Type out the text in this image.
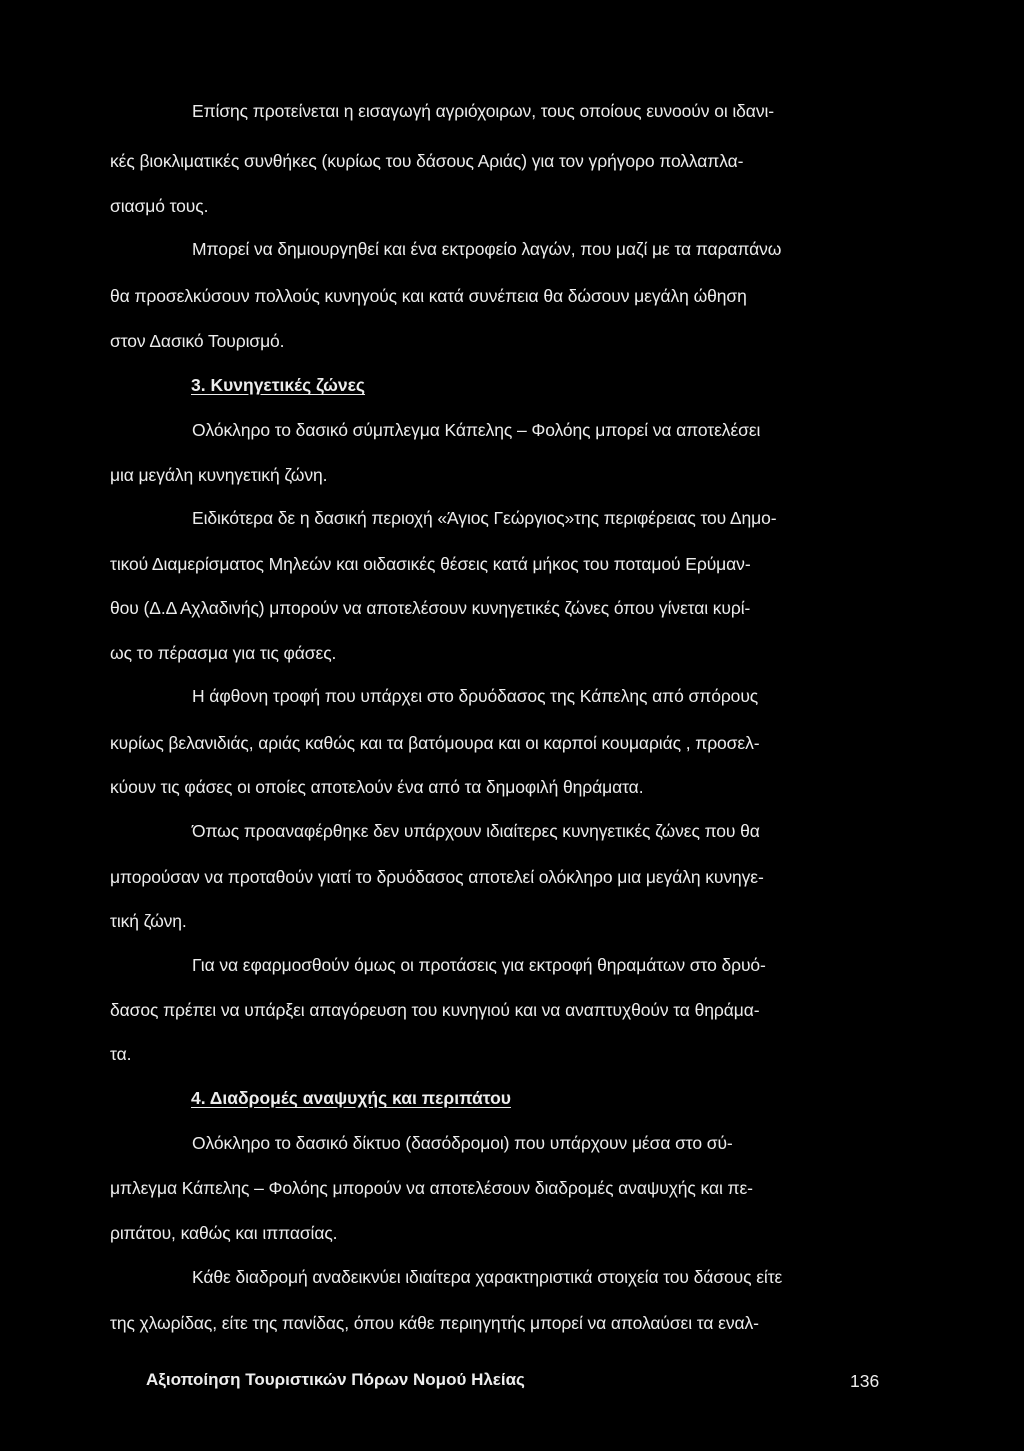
Επίσης προτείνεται η εισαγωγή αγριόχοιρων, τους οποίους ευνοούν οι ιδανι-
κές βιοκλιματικές συνθήκες (κυρίως του δάσους Αριάς) για τον γρήγορο πολλαπλα-
σιασμό τους.
Μπορεί να δημιουργηθεί και ένα εκτροφείο λαγών, που μαζί με τα παραπάνω
θα προσελκύσουν πολλούς κυνηγούς και κατά συνέπεια θα δώσουν μεγάλη ώθηση
στον Δασικό Τουρισμό.
3. Κυνηγετικές ζώνες
Ολόκληρο το δασικό σύμπλεγμα Κάπελης – Φολόης μπορεί να αποτελέσει
μια μεγάλη κυνηγετική ζώνη.
Ειδικότερα δε η δασική περιοχή «Άγιος Γεώργιος»της περιφέρειας του Δημο-
τικού Διαμερίσματος Μηλεών και οιδασικές θέσεις κατά μήκος του ποταμού Ερύμαν-
θου (Δ.Δ Αχλαδινής) μπορούν να αποτελέσουν κυνηγετικές ζώνες όπου γίνεται κυρί-
ως το πέρασμα για τις φάσες.
Η άφθονη τροφή που υπάρχει στο δρυόδασος της Κάπελης από σπόρους
κυρίως βελανιδιάς, αριάς καθώς και τα βατόμουρα και οι καρποί κουμαριάς , προσελ-
κύουν τις φάσες οι οποίες αποτελούν ένα από τα δημοφιλή θηράματα.
Όπως προαναφέρθηκε δεν υπάρχουν ιδιαίτερες κυνηγετικές ζώνες που θα
μπορούσαν να προταθούν γιατί το δρυόδασος αποτελεί ολόκληρο μια μεγάλη κυνηγε-
τική ζώνη.
Για να εφαρμοσθούν όμως οι προτάσεις για εκτροφή θηραμάτων στο δρυό-
δασος πρέπει να υπάρξει απαγόρευση του κυνηγιού και να αναπτυχθούν τα θηράμα-
τα.
4. Διαδρομές αναψυχής και περιπάτου
Ολόκληρο το δασικό δίκτυο (δασόδρομοι) που υπάρχουν μέσα στο σύ-
μπλεγμα Κάπελης – Φολόης μπορούν να αποτελέσουν διαδρομές αναψυχής και πε-
ριπάτου, καθώς και ιππασίας.
Κάθε διαδρομή αναδεικνύει ιδιαίτερα χαρακτηριστικά στοιχεία του δάσους είτε
της χλωρίδας, είτε της πανίδας, όπου κάθε περιηγητής μπορεί να απολαύσει τα εναλ-
Αξιοποίηση Τουριστικών Πόρων Νομού Ηλείας	136
